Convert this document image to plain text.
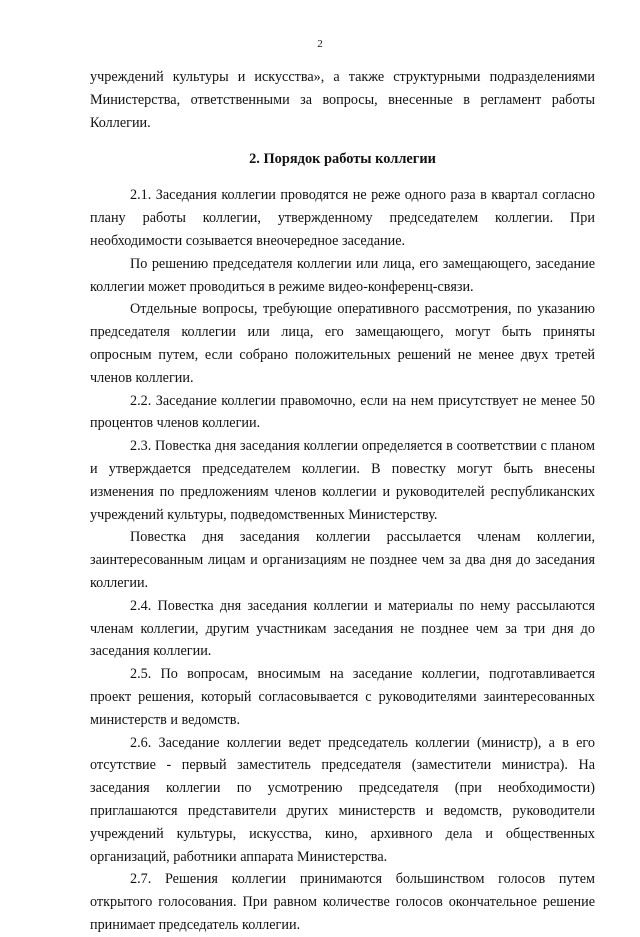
2

учреждений культуры и искусства», а также структурными подразделениями Министерства, ответственными за вопросы, внесенные в регламент работы Коллегии.

2. Порядок работы коллегии

2.1. Заседания коллегии проводятся не реже одного раза в квартал согласно плану работы коллегии, утвержденному председателем коллегии. При необходимости созывается внеочередное заседание.

По решению председателя коллегии или лица, его замещающего, заседание коллегии может проводиться в режиме видео-конференц-связи.

Отдельные вопросы, требующие оперативного рассмотрения, по указанию председателя коллегии или лица, его замещающего, могут быть приняты опросным путем, если собрано положительных решений не менее двух третей членов коллегии.

2.2. Заседание коллегии правомочно, если на нем присутствует не менее 50 процентов членов коллегии.

2.3. Повестка дня заседания коллегии определяется в соответствии с планом и утверждается председателем коллегии. В повестку могут быть внесены изменения по предложениям членов коллегии и руководителей республиканских учреждений культуры, подведомственных Министерству.

Повестка дня заседания коллегии рассылается членам коллегии, заинтересованным лицам и организациям не позднее чем за два дня до заседания коллегии.

2.4. Повестка дня заседания коллегии и материалы по нему рассылаются членам коллегии, другим участникам заседания не позднее чем за три дня до заседания коллегии.

2.5. По вопросам, вносимым на заседание коллегии, подготавливается проект решения, который согласовывается с руководителями заинтересованных министерств и ведомств.

2.6. Заседание коллегии ведет председатель коллегии (министр), а в его отсутствие - первый заместитель председателя (заместители министра). На заседания коллегии по усмотрению председателя (при необходимости) приглашаются представители других министерств и ведомств, руководители учреждений культуры, искусства, кино, архивного дела и общественных организаций, работники аппарата Министерства.

2.7. Решения коллегии принимаются большинством голосов путем открытого голосования. При равном количестве голосов окончательное решение принимает председатель коллегии.
